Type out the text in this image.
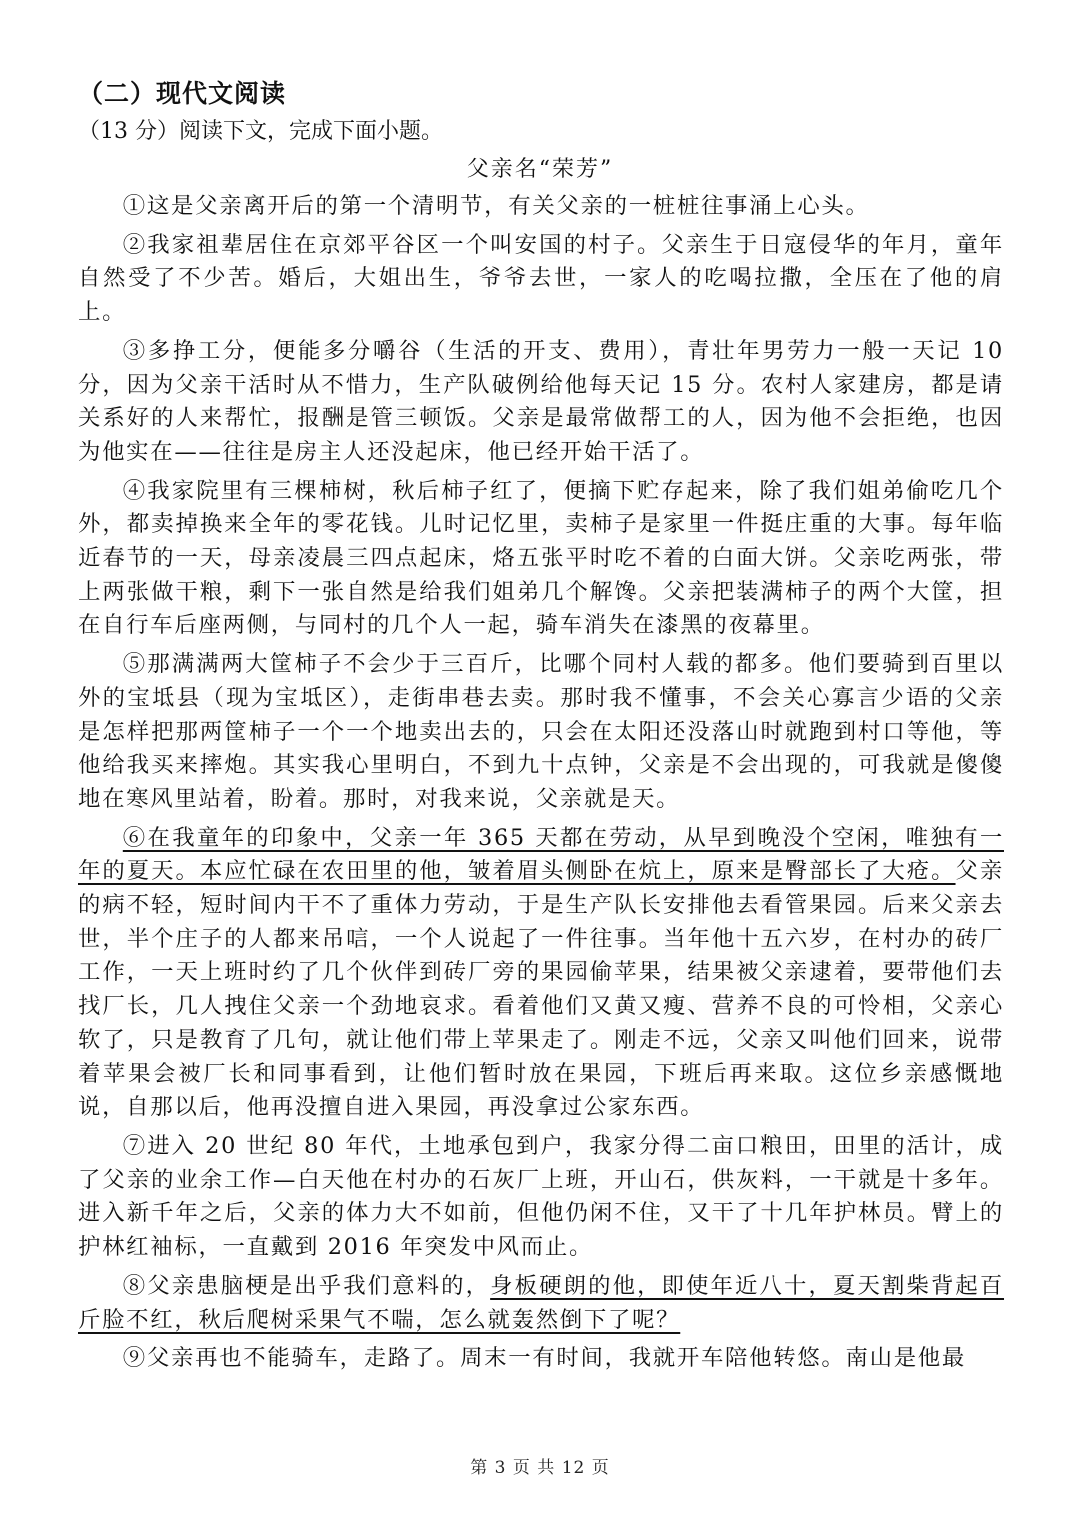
（二）现代文阅读
（13 分）阅读下文，完成下面小题。
父亲名“荣芳”

①这是父亲离开后的第一个清明节，有关父亲的一桩桩往事涌上心头。

②我家祖辈居住在京郊平谷区一个叫安国的村子。父亲生于日寇侵华的年月，童年自然受了不少苦。婚后，大姐出生，爷爷去世，一家人的吃喝拉撒，全压在了他的肩上。

③多挣工分，便能多分嚼谷（生活的开支、费用），青壮年男劳力一般一天记 10 分，因为父亲干活时从不惜力，生产队破例给他每天记 15 分。农村人家建房，都是请关系好的人来帮忙，报酬是管三顿饭。父亲是最常做帮工的人，因为他不会拒绝，也因为他实在——往往是房主人还没起床，他已经开始干活了。

④我家院里有三棵柿树，秋后柿子红了，便摘下贮存起来，除了我们姐弟偷吃几个外，都卖掉换来全年的零花钱。儿时记忆里，卖柿子是家里一件挺庄重的大事。每年临近春节的一天，母亲凌晨三四点起床，烙五张平时吃不着的白面大饼。父亲吃两张，带上两张做干粮，剩下一张自然是给我们姐弟几个解馋。父亲把装满柿子的两个大筐，担在自行车后座两侧，与同村的几个人一起，骑车消失在漆黑的夜幕里。

⑤那满满两大筐柿子不会少于三百斤，比哪个同村人载的都多。他们要骑到百里以外的宝坻县（现为宝坻区），走街串巷去卖。那时我不懂事，不会关心寡言少语的父亲是怎样把那两筐柿子一个一个地卖出去的，只会在太阳还没落山时就跑到村口等他，等他给我买来摔炮。其实我心里明白，不到九十点钟，父亲是不会出现的，可我就是傻傻地在寒风里站着，盼着。那时，对我来说，父亲就是天。

⑥在我童年的印象中，父亲一年 365 天都在劳动，从早到晚没个空闲，唯独有一年的夏天。本应忙碌在农田里的他，皱着眉头侧卧在炕上，原来是臀部长了大疮。父亲的病不轻，短时间内干不了重体力劳动，于是生产队长安排他去看管果园。后来父亲去世，半个庄子的人都来吊唁，一个人说起了一件往事。当年他十五六岁，在村办的砖厂工作，一天上班时约了几个伙伴到砖厂旁的果园偷苹果，结果被父亲逮着，要带他们去找厂长，几人拽住父亲一个劲地哀求。看着他们又黄又瘦、营养不良的可怜相，父亲心软了，只是教育了几句，就让他们带上苹果走了。刚走不远，父亲又叫他们回来，说带着苹果会被厂长和同事看到，让他们暂时放在果园，下班后再来取。这位乡亲感慨地说，自那以后，他再没擅自进入果园，再没拿过公家东西。

⑦进入 20 世纪 80 年代，土地承包到户，我家分得二亩口粮田，田里的活计，成了父亲的业余工作—白天他在村办的石灰厂上班，开山石，供灰料，一干就是十多年。进入新千年之后，父亲的体力大不如前，但他仍闲不住，又干了十几年护林员。臂上的护林红袖标，一直戴到 2016 年突发中风而止。

⑧父亲患脑梗是出乎我们意料的，身板硬朗的他，即使年近八十，夏天割柴背起百斤脸不红，秋后爬树采果气不喘，怎么就轰然倒下了呢？

⑨父亲再也不能骑车，走路了。周末一有时间，我就开车陪他转悠。南山是他最

第 3 页 共 12 页
